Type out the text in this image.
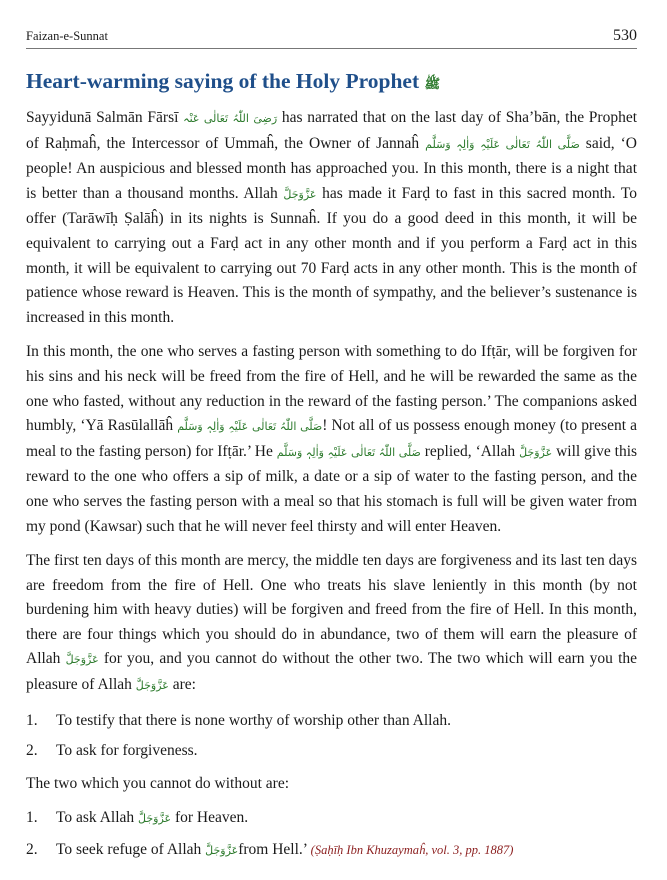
Faizan-e-Sunnat	530
Heart-warming saying of the Holy Prophet ﷺ

Sayyidunā Salmān Fārsī رَضِیَ اللّٰہُ تَعَالٰی عَنْہ has narrated that on the last day of Sha’bān, the Prophet of Raḥmaĥ, the Intercessor of Ummaĥ, the Owner of Jannaĥ صَلَّی اللّٰہُ تَعَالٰی عَلَیْہِ وَاٰلِہٖ وَسَلَّم said, ‘O people! An auspicious and blessed month has approached you. In this month, there is a night that is better than a thousand months. Allah عَزَّوَجَلَّ has made it Farḍ to fast in this sacred month. To offer (Tarāwīḥ Ṣalāĥ) in its nights is Sunnaĥ. If you do a good deed in this month, it will be equivalent to carrying out a Farḍ act in any other month and if you perform a Farḍ act in this month, it will be equivalent to carrying out 70 Farḍ acts in any other month. This is the month of patience whose reward is Heaven. This is the month of sympathy, and the believer’s sustenance is increased in this month.

In this month, the one who serves a fasting person with something to do Ifṭār, will be forgiven for his sins and his neck will be freed from the fire of Hell, and he will be rewarded the same as the one who fasted, without any reduction in the reward of the fasting person.’ The companions asked humbly, ‘Yā Rasūlallāĥ صَلَّی اللّٰہُ تَعَالٰی عَلَیْہِ وَاٰلِہٖ وَسَلَّم! Not all of us possess enough money (to present a meal to the fasting person) for Ifṭār.’ He صَلَّی اللّٰہُ تَعَالٰی عَلَیْہِ وَاٰلِہٖ وَسَلَّم replied, ‘Allah عَزَّوَجَلَّ will give this reward to the one who offers a sip of milk, a date or a sip of water to the fasting person, and the one who serves the fasting person with a meal so that his stomach is full will be given water from my pond (Kawsar) such that he will never feel thirsty and will enter Heaven.

The first ten days of this month are mercy, the middle ten days are forgiveness and its last ten days are freedom from the fire of Hell. One who treats his slave leniently in this month (by not burdening him with heavy duties) will be forgiven and freed from the fire of Hell. In this month, there are four things which you should do in abundance, two of them will earn the pleasure of Allah عَزَّوَجَلَّ for you, and you cannot do without the other two. The two which will earn you the pleasure of Allah عَزَّوَجَلَّ are:

1.	To testify that there is none worthy of worship other than Allah.
2.	To ask for forgiveness.

The two which you cannot do without are:

1.	To ask Allah عَزَّوَجَلَّ for Heaven.
2.	To seek refuge of Allah عَزَّوَجَلَّfrom Hell.’ (Ṣaḥīḥ Ibn Khuzaymaĥ, vol. 3, pp. 1887)
